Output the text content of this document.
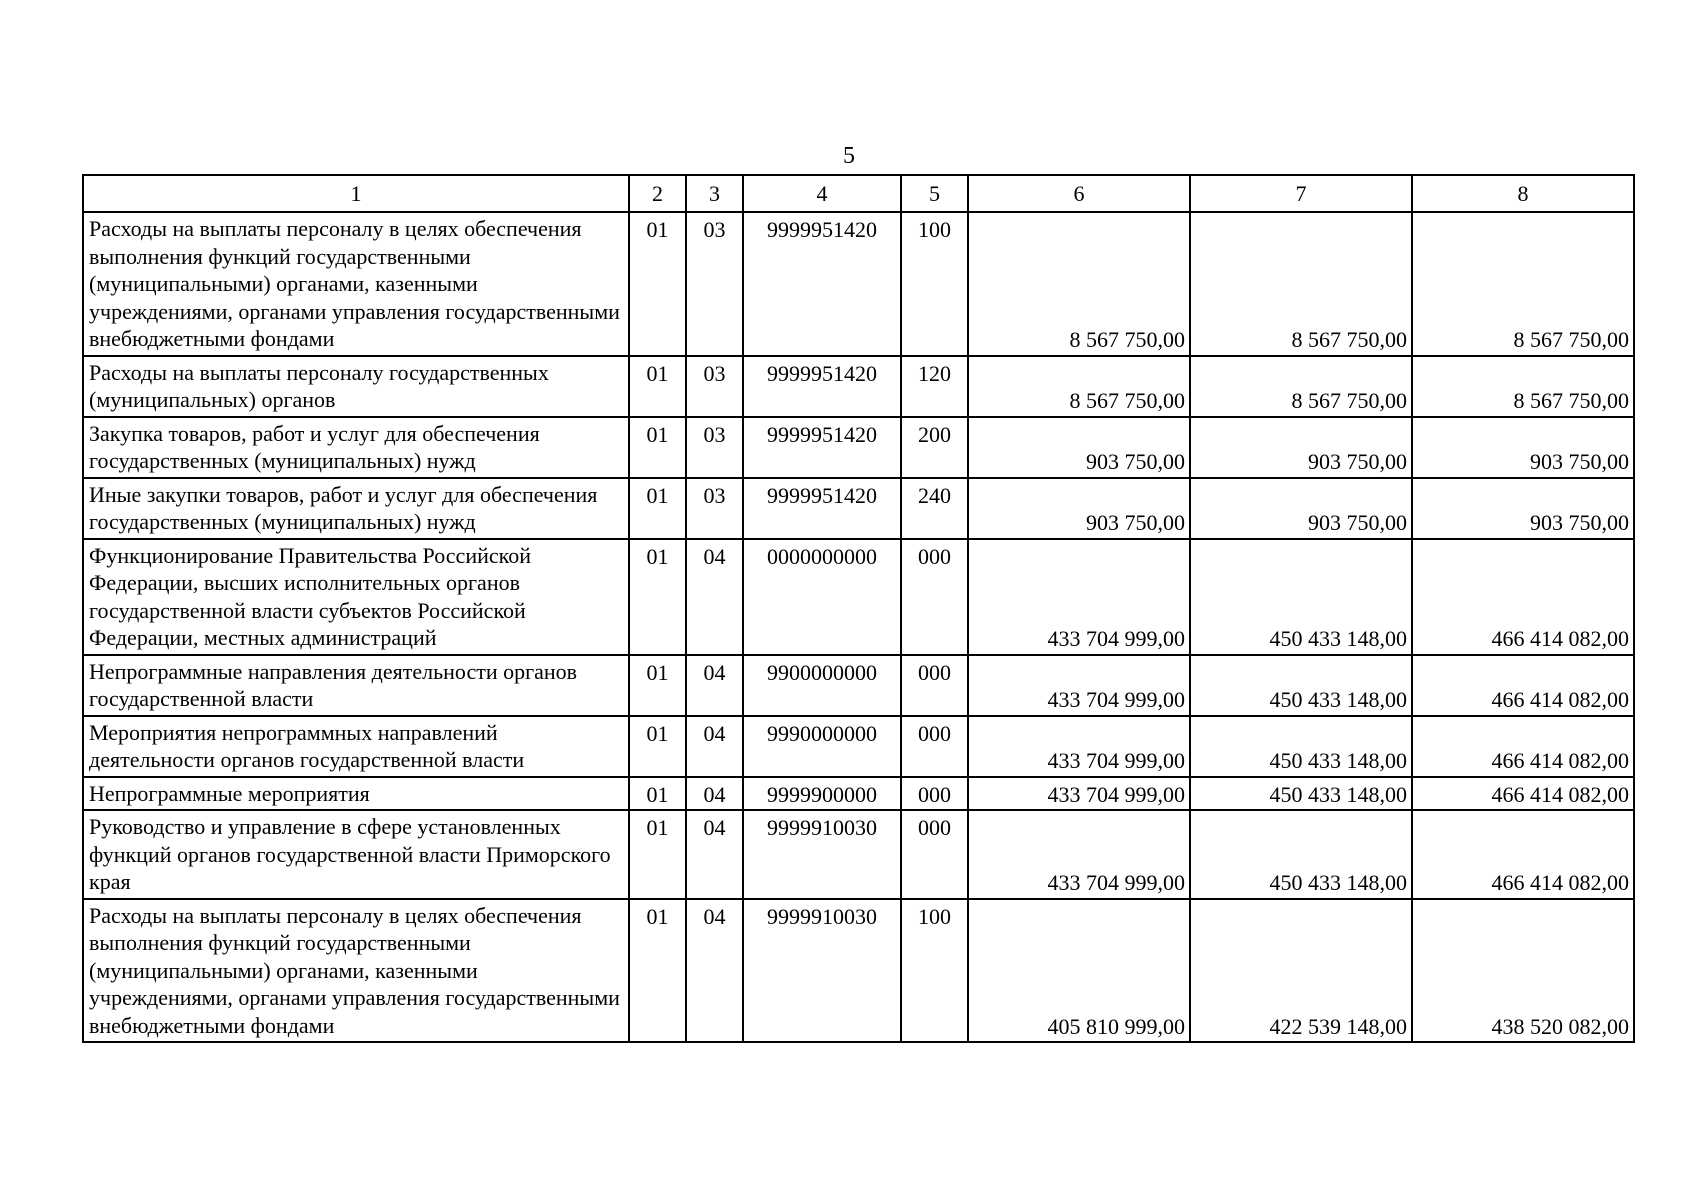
5
1	2	3	4	5	6	7	8
Расходы на выплаты персоналу в целях обеспечения выполнения функций государственными (муниципальными) органами, казенными учреждениями, органами управления государственными внебюджетными фондами	01	03	9999951420	100	8 567 750,00	8 567 750,00	8 567 750,00
Расходы на выплаты персоналу государственных (муниципальных) органов	01	03	9999951420	120	8 567 750,00	8 567 750,00	8 567 750,00
Закупка товаров, работ и услуг для обеспечения государственных (муниципальных) нужд	01	03	9999951420	200	903 750,00	903 750,00	903 750,00
Иные закупки товаров, работ и услуг для обеспечения государственных (муниципальных) нужд	01	03	9999951420	240	903 750,00	903 750,00	903 750,00
Функционирование Правительства Российской Федерации, высших исполнительных органов государственной власти субъектов Российской Федерации, местных администраций	01	04	0000000000	000	433 704 999,00	450 433 148,00	466 414 082,00
Непрограммные направления деятельности органов государственной власти	01	04	9900000000	000	433 704 999,00	450 433 148,00	466 414 082,00
Мероприятия непрограммных направлений деятельности органов государственной власти	01	04	9990000000	000	433 704 999,00	450 433 148,00	466 414 082,00
Непрограммные мероприятия	01	04	9999900000	000	433 704 999,00	450 433 148,00	466 414 082,00
Руководство и управление в сфере установленных функций органов государственной власти Приморского края	01	04	9999910030	000	433 704 999,00	450 433 148,00	466 414 082,00
Расходы на выплаты персоналу в целях обеспечения выполнения функций государственными (муниципальными) органами, казенными учреждениями, органами управления государственными внебюджетными фондами	01	04	9999910030	100	405 810 999,00	422 539 148,00	438 520 082,00
